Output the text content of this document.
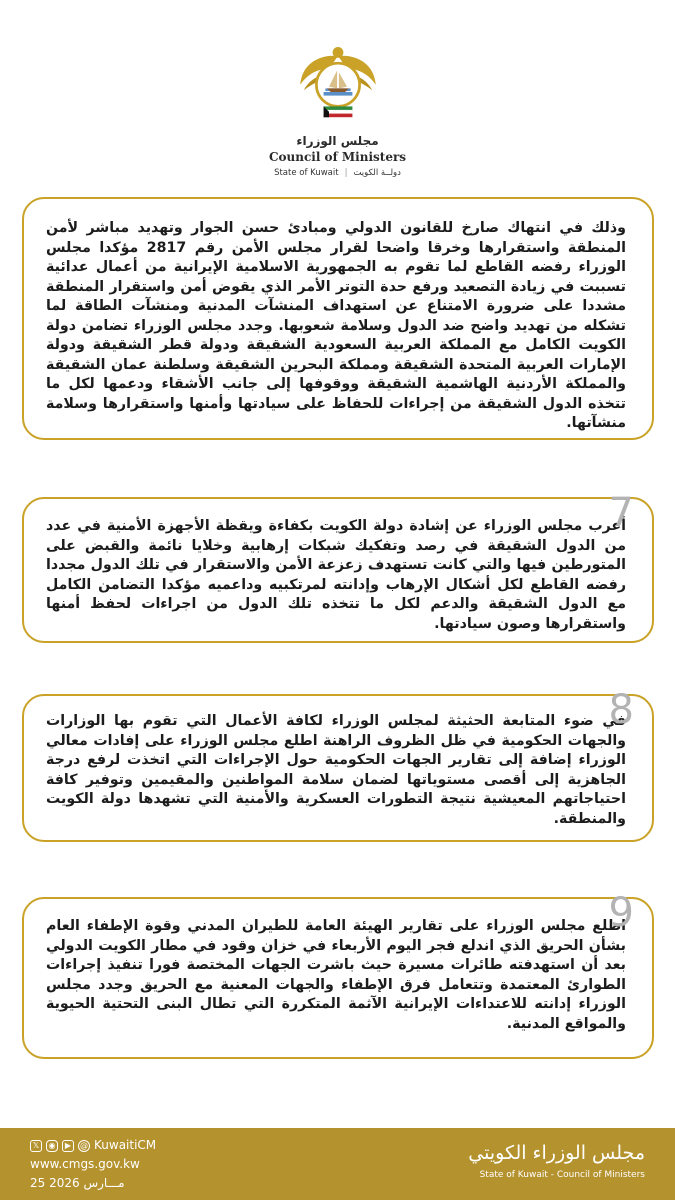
مجلس الوزراء
Council of Ministers
State of Kuwait | دولــة الكويت

وذلك في انتهاك صارخ للقانون الدولي ومبادئ حسن الجوار وتهديد مباشر لأمن المنطقة واستقرارها وخرقا واضحا لقرار مجلس الأمن رقم 2817 مؤكدا مجلس الوزراء رفضه القاطع لما تقوم به الجمهورية الاسلامية الإيرانية من أعمال عدائية تسببت في زيادة التصعيد ورفع حدة التوتر الأمر الذي يقوض أمن واستقرار المنطقة مشددا على ضرورة الامتناع عن استهداف المنشآت المدنية ومنشآت الطاقة لما تشكله من تهديد واضح ضد الدول وسلامة شعوبها. وجدد مجلس الوزراء تضامن دولة الكويت الكامل مع المملكة العربية السعودية الشقيقة ودولة قطر الشقيقة ودولة الإمارات العربية المتحدة الشقيقة ومملكة البحرين الشقيقة وسلطنة عمان الشقيقة والمملكة الأردنية الهاشمية الشقيقة ووقوفها إلى جانب الأشقاء ودعمها لكل ما تتخذه الدول الشقيقة من إجراءات للحفاظ على سيادتها وأمنها واستقرارها وسلامة منشآتها.

7

أعرب مجلس الوزراء عن إشادة دولة الكويت بكفاءة ويقظة الأجهزة الأمنية في عدد من الدول الشقيقة في رصد وتفكيك شبكات إرهابية وخلايا نائمة والقبض على المتورطين فيها والتي كانت تستهدف زعزعة الأمن والاستقرار في تلك الدول مجددا رفضه القاطع لكل أشكال الإرهاب وإدانته لمرتكبيه وداعميه مؤكدا التضامن الكامل مع الدول الشقيقة والدعم لكل ما تتخذه تلك الدول من اجراءات لحفظ أمنها واستقرارها وصون سيادتها.

8

في ضوء المتابعة الحثيثة لمجلس الوزراء لكافة الأعمال التي تقوم بها الوزارات والجهات الحكومية في ظل الظروف الراهنة اطلع مجلس الوزراء على إفادات معالي الوزراء إضافة إلى تقارير الجهات الحكومية حول الإجراءات التي اتخذت لرفع درجة الجاهزية إلى أقصى مستوياتها لضمان سلامة المواطنين والمقيمين وتوفير كافة احتياجاتهم المعيشية نتيجة التطورات العسكرية والأمنية التي تشهدها دولة الكويت والمنطقة.

9

اطلع مجلس الوزراء على تقارير الهيئة العامة للطيران المدني وقوة الإطفاء العام بشأن الحريق الذي اندلع فجر اليوم الأربعاء في خزان وقود في مطار الكويت الدولي بعد أن استهدفته طائرات مسيرة حيث باشرت الجهات المختصة فورا تنفيذ إجراءات الطوارئ المعتمدة وتتعامل فرق الإطفاء والجهات المعنية مع الحريق وجدد مجلس الوزراء إدانته للاعتداءات الإيرانية الآثمة المتكررة التي تطال البنى التحتية الحيوية والمواقع المدنية.

𝕏	◉	▶	@ KuwaitiCM
www.cmgs.gov.kw
25 مـــارس 2026
مجلس الوزراء الكويتي
State of Kuwait - Council of Ministers
